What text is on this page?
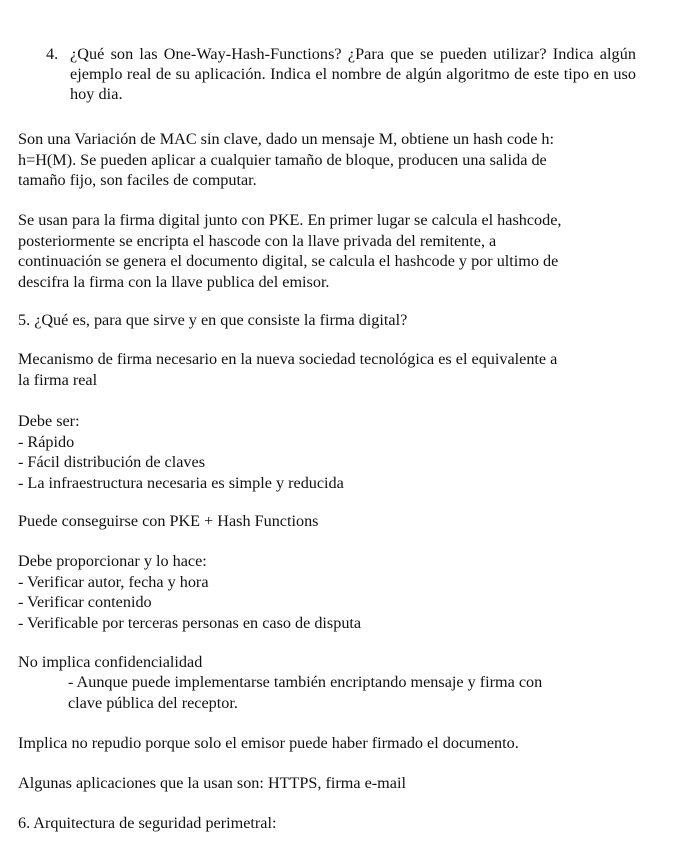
4. ¿Qué son las One-Way-Hash-Functions? ¿Para que se pueden utilizar? Indica algún ejemplo real de su aplicación. Indica el nombre de algún algoritmo de este tipo en uso hoy dia.
Son una Variación de MAC sin clave, dado un mensaje M, obtiene un hash code h:
h=H(M). Se pueden aplicar a cualquier tamaño de bloque, producen una salida de
tamaño fijo, son faciles de computar.
Se usan para la firma digital junto con PKE. En primer lugar se calcula el hashcode,
posteriormente se encripta el hascode con la llave privada del remitente, a
continuación se genera el documento digital, se calcula el hashcode y por ultimo de
descifra la firma con la llave publica del emisor.
5. ¿Qué es, para que sirve y en que consiste la firma digital?
Mecanismo de firma necesario en la nueva sociedad tecnológica es el equivalente a
la firma real
Debe ser:
- Rápido
- Fácil distribución de claves
- La infraestructura necesaria es simple y reducida
Puede conseguirse con PKE + Hash Functions
Debe proporcionar y lo hace:
- Verificar autor, fecha y hora
- Verificar contenido
- Verificable por terceras personas en caso de disputa
No implica confidencialidad
- Aunque puede implementarse también encriptando mensaje y firma con
clave pública del receptor.
Implica no repudio porque solo el emisor puede haber firmado el documento.
Algunas aplicaciones que la usan son: HTTPS, firma e-mail
6. Arquitectura de seguridad perimetral:
